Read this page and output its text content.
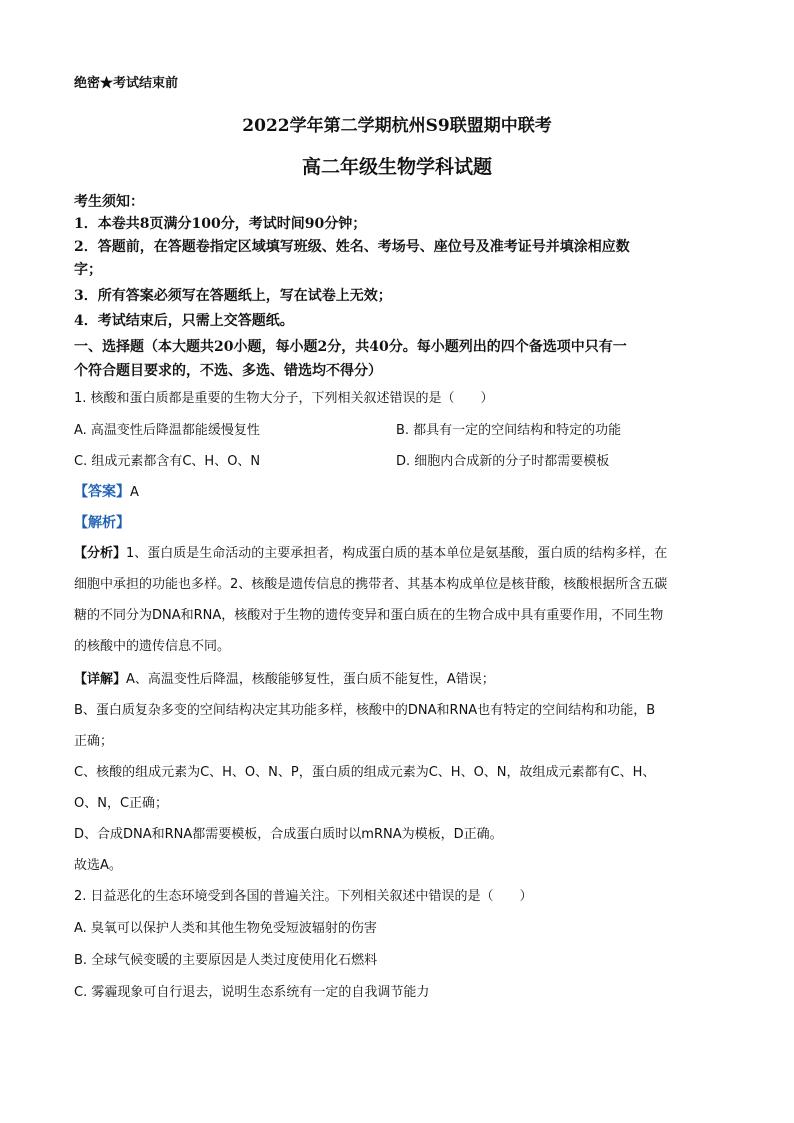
绝密★考试结束前
2022学年第二学期杭州S9联盟期中联考
高二年级生物学科试题
考生须知：
1．本卷共8页满分100分，考试时间90分钟；
2．答题前，在答题卷指定区域填写班级、姓名、考场号、座位号及准考证号并填涂相应数
字；
3．所有答案必须写在答题纸上，写在试卷上无效；
4．考试结束后，只需上交答题纸。
一、选择题（本大题共20小题，每小题2分，共40分。每小题列出的四个备选项中只有一
个符合题目要求的，不选、多选、错选均不得分）
1. 核酸和蛋白质都是重要的生物大分子，下列相关叙述错误的是（　　）
A. 高温变性后降温都能缓慢复性	B. 都具有一定的空间结构和特定的功能
C. 组成元素都含有C、H、O、N	D. 细胞内合成新的分子时都需要模板
【答案】A
【解析】
【分析】1、蛋白质是生命活动的主要承担者，构成蛋白质的基本单位是氨基酸，蛋白质的结构多样，在
细胞中承担的功能也多样。2、核酸是遗传信息的携带者、其基本构成单位是核苷酸，核酸根据所含五碳
糖的不同分为DNA和RNA，核酸对于生物的遗传变异和蛋白质在的生物合成中具有重要作用，不同生物
的核酸中的遗传信息不同。
【详解】A、高温变性后降温，核酸能够复性，蛋白质不能复性，A错误；
B、蛋白质复杂多变的空间结构决定其功能多样，核酸中的DNA和RNA也有特定的空间结构和功能，B
正确；
C、核酸的组成元素为C、H、O、N、P，蛋白质的组成元素为C、H、O、N，故组成元素都有C、H、
O、N，C正确；
D、合成DNA和RNA都需要模板，合成蛋白质时以mRNA为模板，D正确。
故选A。
2. 日益恶化的生态环境受到各国的普遍关注。下列相关叙述中错误的是（　　）
A. 臭氧可以保护人类和其他生物免受短波辐射的伤害
B. 全球气候变暖的主要原因是人类过度使用化石燃料
C. 雾霾现象可自行退去，说明生态系统有一定的自我调节能力
